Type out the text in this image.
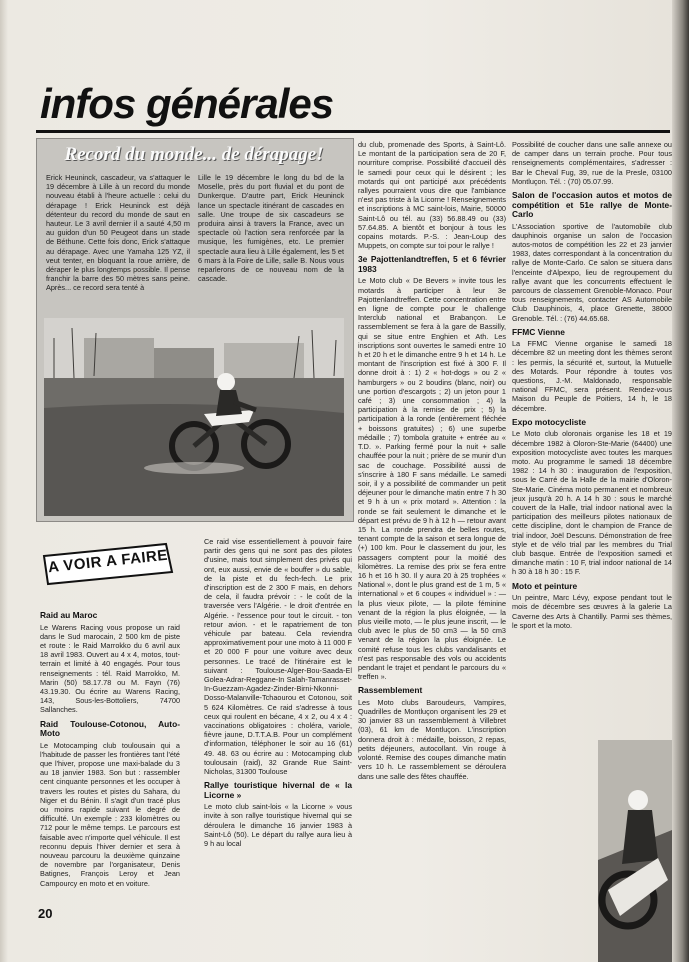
infos générales
Record du monde... de dérapage!
Erick Heuninck, cascadeur, va s'attaquer le 19 décembre à Lille à un record du monde nouveau établi à l'heure actuelle : celui du dérapage ! Erick Heuninck est déjà détenteur du record du monde de saut en hauteur. Le 3 avril dernier il a sauté 4,50 m au guidon d'un 50 Peugeot dans un stade de Béthune. Cette fois donc, Erick s'attaque au dérapage. Avec une Yamaha 125 YZ, il veut tenter, en bloquant la roue arrière, de déraper le plus longtemps possible. Il pense franchir la barre des 50 mètres sans peine. Après... ce record sera tenté à
Lille le 19 décembre le long du bd de la Moselle, près du port fluvial et du pont de Dunkerque. D'autre part, Erick Heuninck lance un spectacle itinérant de cascades en salle. Une troupe de six cascadeurs se produira ainsi à travers la France, avec un spectacle où l'action sera renforcée par la musique, les fumigènes, etc. Le premier spectacle aura lieu à Lille également, les 5 et 6 mars à la Foire de Lille, salle B. Nous vous reparlerons de ce nouveau nom de la cascade.
A VOIR A FAIRE
Raid au Maroc

Le Warens Racing vous propose un raid dans le Sud marocain, 2 500 km de piste et route : le Raid Marrokko du 6 avril aux 18 avril 1983. Ouvert au 4 x 4, motos, tout-terrain et limité à 40 engagés. Pour tous renseignements : tél. Raid Marrokko, M. Marin (50) 58.17.78 ou M. Fayn (76) 43.19.30. Ou écrire au Warens Racing, 143, Sous-les-Bottoliers, 74700 Sallanches.

Raid Toulouse-Cotonou, Auto-Moto

Le Motocamping club toulousain qui a l'habitude de passer les frontières tant l'été que l'hiver, propose une maxi-balade du 3 au 18 janvier 1983. Son but : rassembler cent cinquante personnes et les occuper à travers les routes et pistes du Sahara, du Niger et du Bénin. Il s'agit d'un tracé plus ou moins rapide suivant le degré de difficulté. Un exemple : 233 kilomètres ou 712 pour le même temps. Le parcours est faisable avec n'importe quel véhicule. Il est reconnu depuis l'hiver dernier et sera à nouveau parcouru la deuxième quinzaine de novembre par l'organisateur, Denis Batignes, François Leroy et Jean Campourcy en moto et en voiture.

Ce raid vise essentiellement à pouvoir faire partir des gens qui ne sont pas des pilotes d'usine, mais tout simplement des privés qui ont, eux aussi, envie de « bouffer » du sable, de la piste et du fech-fech. Le prix d'inscription est de 2 300 F mais, en dehors de cela, il faudra prévoir : - le coût de la traversée vers l'Algérie. - le droit d'entrée en Algérie. - l'essence pour tout le circuit. - ton retour avion. - et le rapatriement de ton véhicule par bateau. Cela reviendra approximativement pour une moto à 11 000 F et 20 000 F pour une voiture avec deux personnes. Le tracé de l'itinéraire est le suivant : Toulouse-Alger-Bou-Saada-El Golea-Adrar-Reggane-In Salah-Tamanrasset-In-Guezzam-Agadez-Zinder-Birni-Nkonni-Dosso-Malanville-Tchaourou et Cotonou, soit 5 624 Kilomètres. Ce raid s'adresse à tous ceux qui roulent en bécane, 4 x 2, ou 4 x 4 : vaccinations obligatoires : choléra, variole, fièvre jaune, D.T.T.A.B. Pour un complément d'information, téléphoner le soir au 16 (61) 49. 48. 63 ou écrire au : Motocamping club toulousain (raid), 32 Grande Rue Saint-Nicholas, 31300 Toulouse

Rallye touristique hivernal de « la Licorne »

Le moto club saint-lois « la Licorne » vous invite à son rallye touristique hivernal qui se déroulera le dimanche 16 janvier 1983 à Saint-Lô (50). Le départ du rallye aura lieu à 9 h au local

du club, promenade des Sports, à Saint-Lô. Le montant de la participation sera de 20 F, nourriture comprise. Possibilité d'accueil dès le samedi pour ceux qui le désirent ; les motards qui ont participé aux précédents rallyes pourraient vous dire que l'ambiance n'est pas triste à la Licorne ! Renseignements et inscriptions à MC saint-lois, Mairie, 50000 Saint-Lô ou tél. au (33) 56.88.49 ou (33) 57.64.85. A bientôt et bonjour à tous les copains motards. P.-S. : Jean-Loup des Muppets, on compte sur toi pour le rallye !

3e Pajottenlandtreffen, 5 et 6 février 1983

Le Moto club « De Bevers » invite tous les motards à participer à leur 3e Pajottenlandtreffen. Cette concentration entre en ligne de compte pour le challenge Interclub national et Brabançon. Le rassemblement se fera à la gare de Bassilly, qui se situe entre Enghien et Ath. Les inscriptions sont ouvertes le samedi entre 10 h et 20 h et le dimanche entre 9 h et 14 h. Le montant de l'inscription est fixé à 300 F. Il donne droit à : 1) 2 « hot-dogs » ou 2 « hamburgers » ou 2 boudins (blanc, noir) ou une portion d'escargots ; 2) un jeton pour 1 café ; 3) une consommation ; 4) la participation à la remise de prix ; 5) la participation à la ronde (entièrement fléchée + boissons gratuites) ; 6) une superbe médaille ; 7) tombola gratuite + entrée au « T.D. ». Parking fermé pour la nuit + salle chauffée pour la nuit ; prière de se munir d'un sac de couchage. Possibilité aussi de s'inscrire à 180 F sans médaille. Le samedi soir, il y a possibilité de commander un petit déjeuner pour le dimanche matin entre 7 h 30 et 9 h à un « prix motard ». Attention : la ronde se fait seulement le dimanche et le départ est prévu de 9 h à 12 h — retour avant 15 h. La ronde prendra de belles routes, tenant compte de la saison et sera longue de (+) 100 km. Pour le classement du jour, les passagers comptent pour la moitié des kilomètres. La remise des prix se fera entre 16 h et 16 h 30. Il y aura 20 à 25 trophées « National », dont le plus grand est de 1 m, 5 « international » et 6 coupes « individuel » : — la plus vieux pilote, — la pilote féminine venant de la région la plus éloignée, — la plus vieille moto, — le plus jeune inscrit, — le club avec le plus de 50 cm3 — la 50 cm3 venant de la région la plus éloignée. Le comité refuse tous les clubs vandalisants et n'est pas responsable des vols ou accidents pendant le trajet et pendant le parcours du « treffen ».

Rassemblement

Les Moto clubs Baroudeurs, Vampires, Quadrilles de Montluçon organisent les 29 et 30 janvier 83 un rassemblement à Villebret (03), 61 km de Montluçon. L'inscription donnera droit à : médaille, boisson, 2 repas, petits déjeuners, autocollant. Vin rouge à volonté. Remise des coupes dimanche matin vers 10 h. Le rassemblement se déroulera dans une salle des fêtes chauffée.

Possibilité de coucher dans une salle annexe ou de camper dans un terrain proche. Pour tous renseignements complémentaires, s'adresser : Bar le Cheval Fug, 39, rue de la Presle, 03100 Montluçon. Tél. : (70) 05.07.99.

Salon de l'occasion autos et motos de compétition et 51e rallye de Monte-Carlo

L'Association sportive de l'automobile club dauphinois organise un salon de l'occasion autos-motos de compétition les 22 et 23 janvier 1983, dates correspondant à la concentration du rallye de Monte-Carlo. Ce salon se situera dans l'enceinte d'Alpexpo, lieu de regroupement du rallye avant que les concurrents effectuent le parcours de classement Grenoble-Monaco. Pour tous renseignements, contacter AS Automobile Club Dauphinois, 4, place Grenette, 38000 Grenoble. Tél. : (76) 44.65.68.

FFMC Vienne

La FFMC Vienne organise le samedi 18 décembre 82 un meeting dont les thèmes seront : les permis, la sécurité et, surtout, la Mutuelle des Motards. Pour répondre à toutes vos questions, J.-M. Maldonado, responsable national FFMC, sera présent. Rendez-vous Maison du Peuple de Poitiers, 14 h, le 18 décembre.

Expo motocycliste

Le Moto club oloronais organise les 18 et 19 décembre 1982 à Oloron-Ste-Marie (64400) une exposition motocycliste avec toutes les marques moto. Au programme le samedi 18 décembre 1982 : 14 h 30 : inauguration de l'exposition, sous le Carré de la Halle de la mairie d'Oloron-Ste-Marie. Cinéma moto permanent et nombreux jeux jusqu'à 20 h. A 14 h 30 : sous le marché couvert de la Halle, trial indoor national avec la participation des meilleurs pilotes nationaux de cette discipline, dont le champion de France de trial indoor, Joël Descuns. Démonstration de free style et de vélo trial par les membres du Trial club basque. Entrée de l'exposition samedi et dimanche matin : 10 F, trial indoor national de 14 h 30 à 18 h 30 : 15 F.

Moto et peinture

Un peintre, Marc Lévy, expose pendant tout le mois de décembre ses œuvres à la galerie La Caverne des Arts à Chantilly. Parmi ses thèmes, le sport et la moto.

20
